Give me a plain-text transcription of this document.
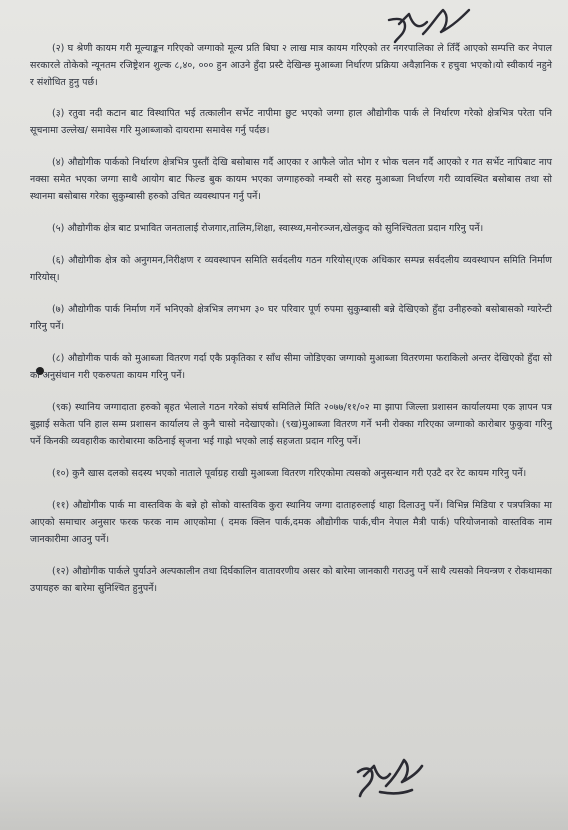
(२) घ श्रेणी कायम गरी मूल्याङ्कन गरिएको जग्गाको मूल्य प्रति बिघा २ लाख मात्र कायम गरिएको तर नगरपालिका ले तिँर्दै आएको सम्पत्ति कर नेपाल सरकारले तोकेको न्यूनतम रजिष्ट्रेशन शुल्क ८,४०, ००० हुन आउने हुँदा प्रस्टै देखिन्छ मुआब्जा निर्धारण प्रक्रिया अवैज्ञानिक र हचुवा भएको।यो स्वीकार्य नहुने र संशोधित हुनु पर्छ।

(३) रतुवा नदी कटान बाट विस्थापित भई तत्कालीन सर्भेट नापीमा छुट भएको जग्गा हाल औद्योगीक पार्क ले निर्धारण गरेको क्षेत्रभित्र परेता पनि सूचनामा उल्लेख/ समावेस गरि मुआब्जाको दायरामा समावेस गर्नु पर्दछ।

(४) औद्योगीक पार्कको निर्धारण क्षेत्रभित्र पुस्तौं देखि बसोबास गर्दै आएका र आफैले जोत भोग र भोक चलन गर्दै आएको र गत सर्भेट नापिबाट नाप नक्सा समेत भएका जग्गा साथै आयोग बाट फिल्ड बुक कायम भएका जग्गाहरुको नम्बरी सो सरह मुआब्जा निर्धारण गरी व्यावस्थित बसोबास तथा सो स्थानमा बसोबास गरेका सुकुम्बासी हरुको उचित व्यवस्थापन गर्नु पर्ने।

(५) औद्योगीक क्षेत्र बाट प्रभावित जनतालाई रोजगार,तालिम,शिक्षा, स्वास्थ्य,मनोरञ्जन,खेलकुद को सुनिश्चितता प्रदान गरिनु पर्ने।

(६) औद्योगीक क्षेत्र को अनुगमन,निरीक्षण र व्यवस्थापन समिति सर्वदलीय गठन गरियोस्।एक अधिकार सम्पन्न सर्वदलीय व्यवस्थापन समिति निर्माण गरियोस्।

(७) औद्योगीक पार्क निर्माण गर्ने भनिएको क्षेत्रभित्र लगभग ३० घर परिवार पूर्ण रुपमा सुकुम्बासी बन्ने देखिएको हुँदा उनीहरुको बसोबासको ग्यारेन्टी गरिनु पर्ने।

(८) औद्योगीक पार्क को मुआब्जा वितरण गर्दा एकै प्रकृतिका र साँध सीमा जोडिएका जग्गाको मुआब्जा वितरणमा फराकिलो अन्तर देखिएको हुँदा सो को अनुसंधान गरी एकरुपता कायम गरिनु पर्ने।

(९क) स्थानिय जग्गादाता हरुको बृहत भेलाले गठन गरेको संघर्ष समितिले मिति २०७७/११/०२ मा झापा जिल्ला प्रशासन कार्यालयमा एक ज्ञापन पत्र बुझाई सकेता पनि हाल सम्म प्रशासन कार्यालय ले कुनै चासो नदेखाएको। (९ख)मुआब्जा वितरण गर्ने भनी रोक्का गरिएका जग्गाको कारोबार फुकुवा गरिनु पर्ने किनकी व्यवहारीक कारोबारमा कठिनाई सृजना भई गाह्रो भएको लाई सहजता प्रदान गरिनु पर्ने।

(१०) कुनै खास दलको सदस्य भएको नाताले पूर्वाग्रह राखी मुआब्जा वितरण गरिएकोमा त्यसको अनुसन्धान गरी एउटै दर रेट कायम गरिनु पर्ने।

(११) औद्योगीक पार्क मा वास्तविक के बन्ने हो सोको वास्तविक कुरा स्थानिय जग्गा दाताहरुलाई थाहा दिलाउनु पर्ने। विभिन्न मिडिया र पत्रपत्रिका मा आएको समाचार अनुसार फरक फरक नाम आएकोमा ( दमक क्लिन पार्क,दमक औद्योगीक पार्क,चीन नेपाल मैत्री पार्क) परियोजनाको वास्तविक नाम जानकारीमा आउनु पर्ने।

(१२) औद्योगीक पार्कले पुर्याउने अल्पकालीन तथा दिर्घकालिन वातावरणीय असर को बारेमा जानकारी गराउनु पर्ने साथै त्यसको नियन्त्रण र रोकथामका उपायहरु का बारेमा सुनिश्चित हुनुपर्ने।
